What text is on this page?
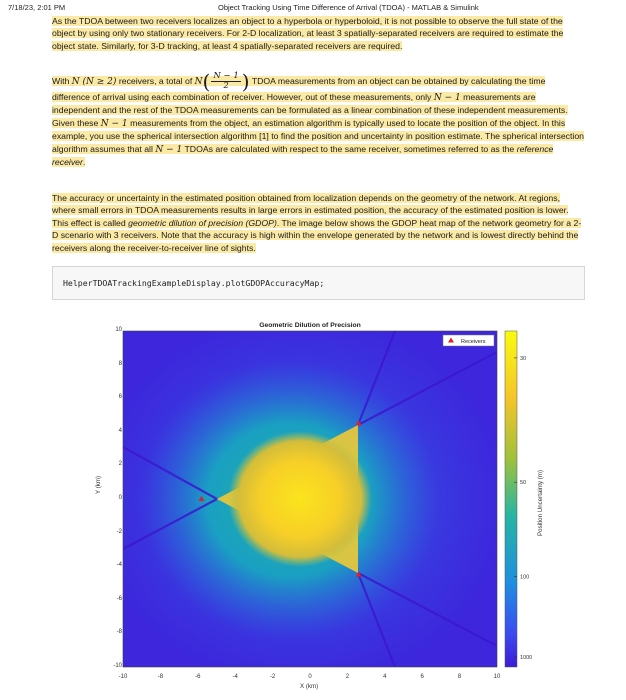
7/18/23, 2:01 PM	Object Tracking Using Time Difference of Arrival (TDOA) - MATLAB & Simulink

As the TDOA between two receivers localizes an object to a hyperbola or hyperboloid, it is not possible to observe the full state of the object by using only two stationary receivers. For 2-D localization, at least 3 spatially-separated receivers are required to estimate the object state. Similarly, for 3-D tracking, at least 4 spatially-separated receivers are required.

With N (N ≥ 2) receivers, a total of $N( \frac{N - 1}{2}$ ) TDOA measurements from an object can be obtained by calculating the time difference of arrival using each combination of receiver. However, out of these measurements, only N − 1 measurements are independent and the rest of the TDOA measurements can be formulated as a linear combination of these independent measurements. Given these N − 1 measurements from the object, an estimation algorithm is typically used to locate the position of the object. In this example, you use the spherical intersection algorithm [1] to find the position and uncertainty in position estimate. The spherical intersection algorithm assumes that all N − 1 TDOAs are calculated with respect to the same receiver, sometimes referred to as the reference receiver.

The accuracy or uncertainty in the estimated position obtained from localization depends on the geometry of the network. At regions, where small errors in TDOA measurements results in large errors in estimated position, the accuracy of the estimated position is lower. This effect is called geometric dilution of precision (GDOP). The image below shows the GDOP heat map of the network geometry for a 2-D scenario with 3 receivers. Note that the accuracy is high within the envelope generated by the network and is lowest directly behind the receivers along the receiver-to-receiver line of sights.

HelperTDOATrackingExampleDisplay.plotGDOPAccuracyMap;
Geometric Dilution of Precision
Receivers
30
50
100
1000
10
8
6
4
2
0
-2
-4
-6
-8
-10
-10	-8	-6	-4	-2	0	2	4	6	8	10
X (km)
Y (km)	Position Uncertainty (m)
